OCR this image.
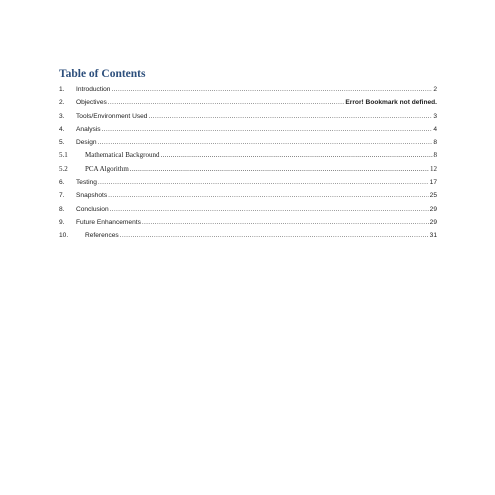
Table of Contents
1.	Introduction .....	2
2.	Objectives .....	Error! Bookmark not defined.
3.	Tools/Environment Used .....	3
4.	Analysis .....	4
5.	Design .....	8
5.1	Mathematical Background .....	8
5.2	PCA Algorithm .....	12
6.	Testing .....	17
7.	Snapshots .....	25
8.	Conclusion .....	29
9.	Future Enhancements .....	29
10.	References .....	31
